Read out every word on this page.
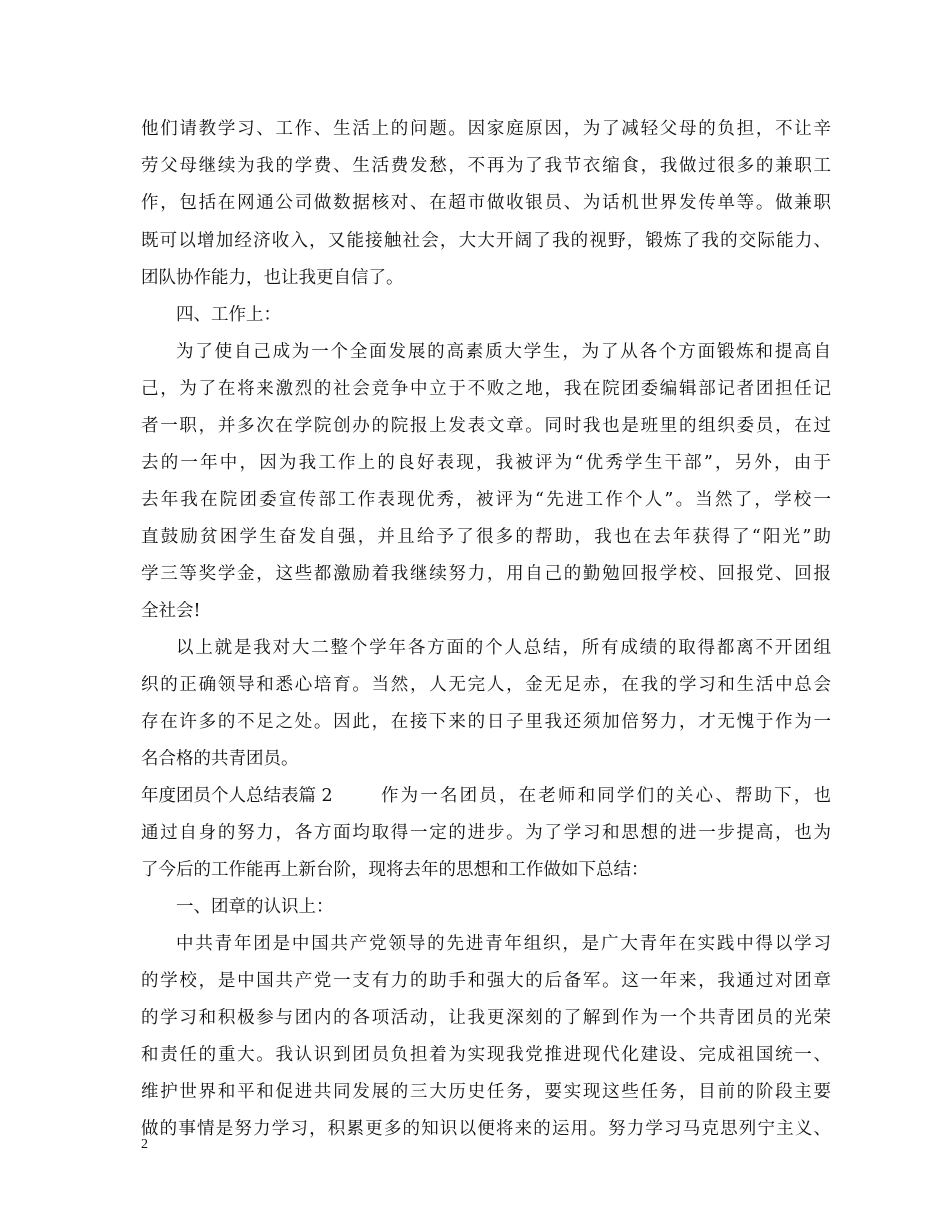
他们请教学习、工作、生活上的问题。因家庭原因，为了减轻父母的负担，不让辛
劳父母继续为我的学费、生活费发愁，不再为了我节衣缩食，我做过很多的兼职工
作，包括在网通公司做数据核对、在超市做收银员、为话机世界发传单等。做兼职
既可以增加经济收入，又能接触社会，大大开阔了我的视野，锻炼了我的交际能力、
团队协作能力，也让我更自信了。
四、工作上：
为了使自己成为一个全面发展的高素质大学生，为了从各个方面锻炼和提高自
己，为了在将来激烈的社会竞争中立于不败之地，我在院团委编辑部记者团担任记
者一职，并多次在学院创办的院报上发表文章。同时我也是班里的组织委员，在过
去的一年中，因为我工作上的良好表现，我被评为“优秀学生干部”，另外，由于
去年我在院团委宣传部工作表现优秀，被评为“先进工作个人”。当然了，学校一
直鼓励贫困学生奋发自强，并且给予了很多的帮助，我也在去年获得了“阳光”助
学三等奖学金，这些都激励着我继续努力，用自己的勤勉回报学校、回报党、回报
全社会!
以上就是我对大二整个学年各方面的个人总结，所有成绩的取得都离不开团组
织的正确领导和悉心培育。当然，人无完人，金无足赤，在我的学习和生活中总会
存在许多的不足之处。因此，在接下来的日子里我还须加倍努力，才无愧于作为一
名合格的共青团员。
年度团员个人总结表篇 2	作为一名团员，在老师和同学们的关心、帮助下，也
通过自身的努力，各方面均取得一定的进步。为了学习和思想的进一步提高，也为
了今后的工作能再上新台阶，现将去年的思想和工作做如下总结：
一、团章的认识上：
中共青年团是中国共产党领导的先进青年组织，是广大青年在实践中得以学习
的学校，是中国共产党一支有力的助手和强大的后备军。这一年来，我通过对团章
的学习和积极参与团内的各项活动，让我更深刻的了解到作为一个共青团员的光荣
和责任的重大。我认识到团员负担着为实现我党推进现代化建设、完成祖国统一、
维护世界和平和促进共同发展的三大历史任务，要实现这些任务，目前的阶段主要
2
做的事情是努力学习，积累更多的知识以便将来的运用。努力学习马克思列宁主义、
